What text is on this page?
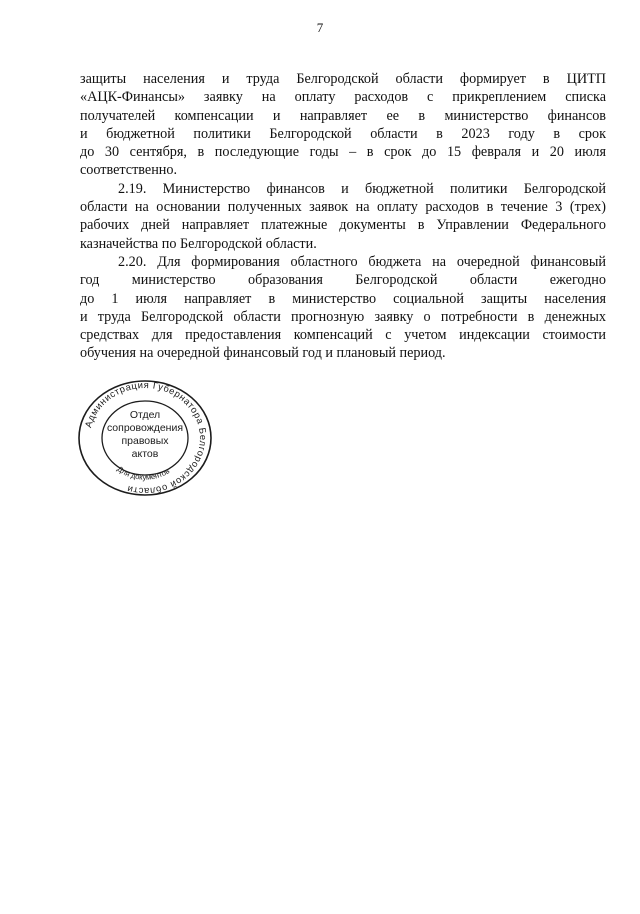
7

защиты населения и труда Белгородской области формирует в ЦИТП
«АЦК-Финансы» заявку на оплату расходов с прикреплением списка
получателей компенсации и направляет ее в министерство финансов
и бюджетной политики Белгородской области в 2023 году в срок
до 30 сентября, в последующие годы – в срок до 15 февраля и 20 июля
соответственно.

2.19. Министерство финансов и бюджетной политики Белгородской
области на основании полученных заявок на оплату расходов в течение 3 (трех)
рабочих дней направляет платежные документы в Управлении Федерального
казначейства по Белгородской области.

2.20. Для формирования областного бюджета на очередной финансовый
год министерство образования Белгородской области ежегодно
до 1 июля направляет в министерство социальной защиты населения
и труда Белгородской области прогнозную заявку о потребности в денежных
средствах для предоставления компенсаций с учетом индексации стоимости
обучения на очередной финансовый год и плановый период.

Администрация Губернатора Белгородской области
Для документов
Отдел
сопровождения
правовых
актов
